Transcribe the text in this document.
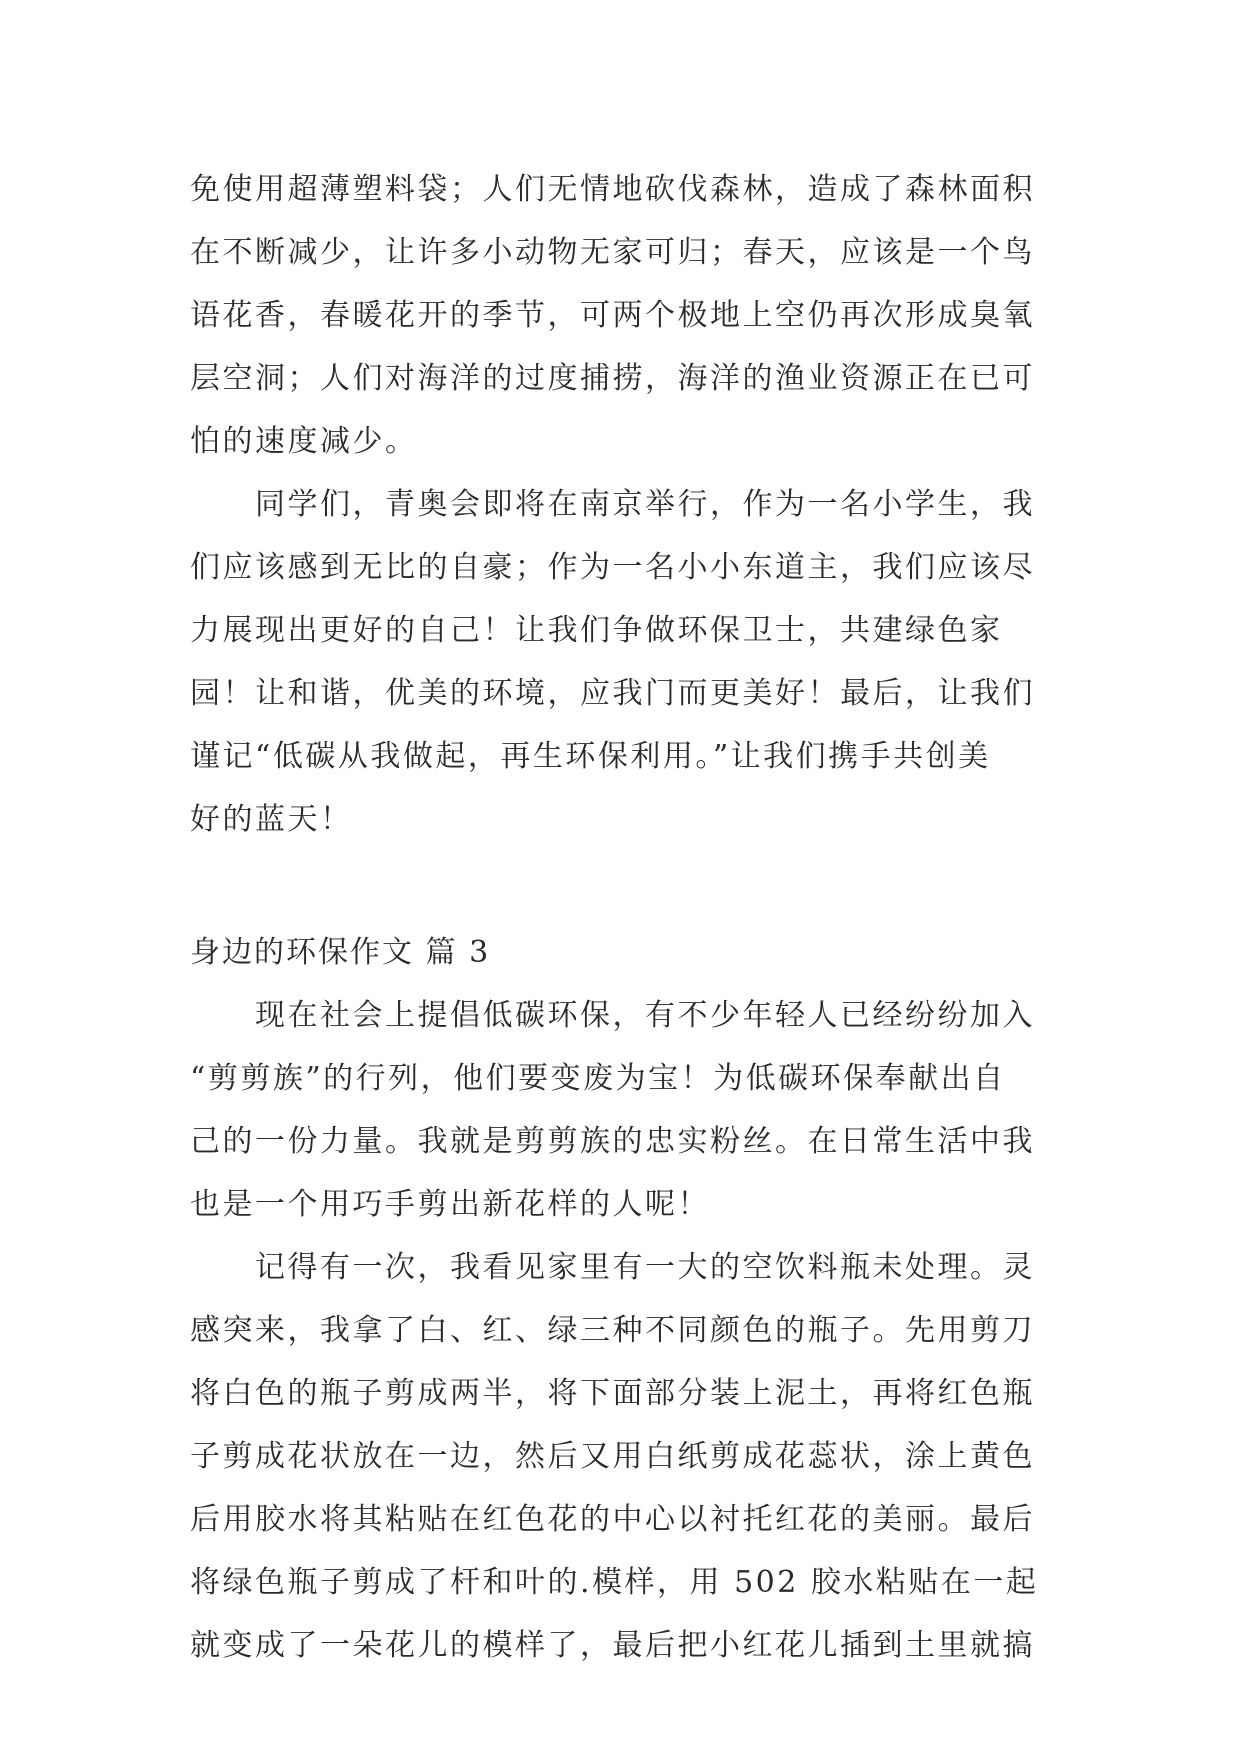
免使用超薄塑料袋；人们无情地砍伐森林，造成了森林面积
在不断减少，让许多小动物无家可归；春天，应该是一个鸟
语花香，春暖花开的季节，可两个极地上空仍再次形成臭氧
层空洞；人们对海洋的过度捕捞，海洋的渔业资源正在已可
怕的速度减少。
　　同学们，青奥会即将在南京举行，作为一名小学生，我
们应该感到无比的自豪；作为一名小小东道主，我们应该尽
力展现出更好的自己！让我们争做环保卫士，共建绿色家
园！让和谐，优美的环境，应我门而更美好！最后，让我们
谨记“低碳从我做起，再生环保利用。”让我们携手共创美
好的蓝天！
身边的环保作文 篇 3
　　现在社会上提倡低碳环保，有不少年轻人已经纷纷加入
“剪剪族”的行列，他们要变废为宝！为低碳环保奉献出自
己的一份力量。我就是剪剪族的忠实粉丝。在日常生活中我
也是一个用巧手剪出新花样的人呢！
　　记得有一次，我看见家里有一大的空饮料瓶未处理。灵
感突来，我拿了白、红、绿三种不同颜色的瓶子。先用剪刀
将白色的瓶子剪成两半，将下面部分装上泥土，再将红色瓶
子剪成花状放在一边，然后又用白纸剪成花蕊状，涂上黄色
后用胶水将其粘贴在红色花的中心以衬托红花的美丽。最后
将绿色瓶子剪成了杆和叶的.模样，用 502 胶水粘贴在一起
就变成了一朵花儿的模样了，最后把小红花儿插到土里就搞
